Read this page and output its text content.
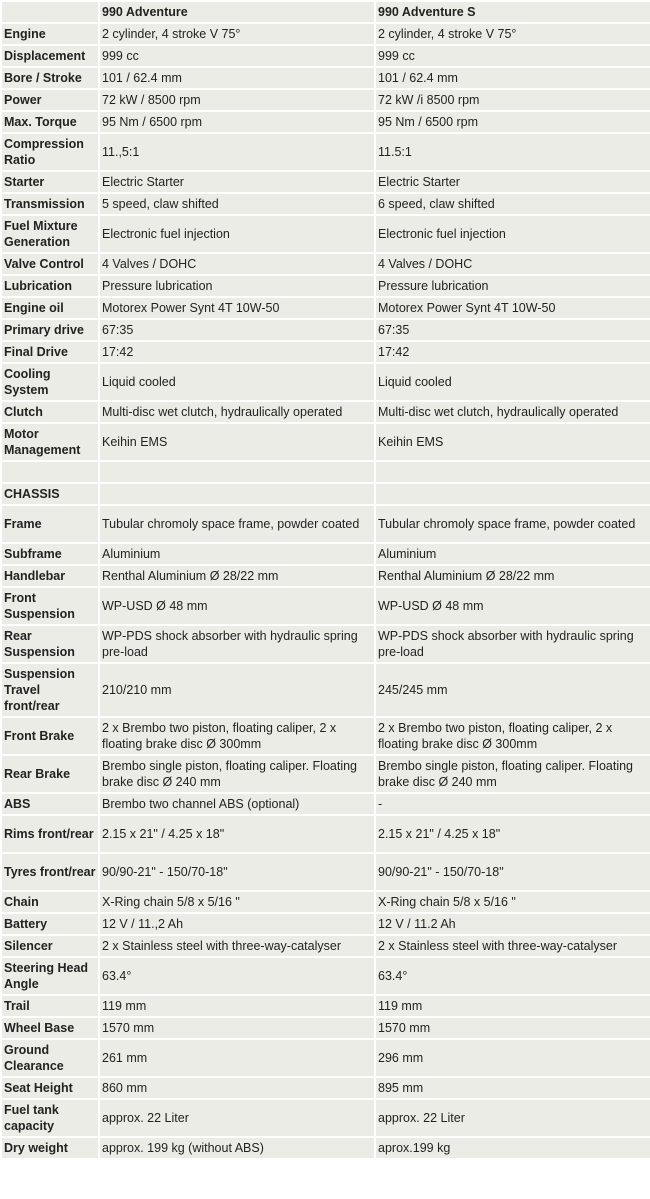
	990 Adventure	990 Adventure S
Engine	2 cylinder, 4 stroke V 75°	2 cylinder, 4 stroke V 75°
Displacement	999 cc	999 cc
Bore / Stroke	101 / 62.4 mm	101 / 62.4 mm
Power	72 kW / 8500 rpm	72 kW /i 8500 rpm
Max. Torque	95 Nm / 6500 rpm	95 Nm / 6500 rpm
Compression Ratio	11.,5:1	11.5:1
Starter	Electric Starter	Electric Starter
Transmission	5 speed, claw shifted	6 speed, claw shifted
Fuel Mixture Generation	Electronic fuel injection	Electronic fuel injection
Valve Control	4 Valves / DOHC	4 Valves / DOHC
Lubrication	Pressure lubrication	Pressure lubrication
Engine oil	Motorex Power Synt 4T 10W-50	Motorex Power Synt 4T 10W-50
Primary drive	67:35	67:35
Final Drive	17:42	17:42
Cooling System	Liquid cooled	Liquid cooled
Clutch	Multi-disc wet clutch, hydraulically operated	Multi-disc wet clutch, hydraulically operated
Motor Management	Keihin EMS	Keihin EMS

CHASSIS		
Frame	Tubular chromoly space frame, powder coated	Tubular chromoly space frame, powder coated
Subframe	Aluminium	Aluminium
Handlebar	Renthal Aluminium Ø 28/22 mm	Renthal Aluminium Ø 28/22 mm
Front Suspension	WP-USD Ø 48 mm	WP-USD Ø 48 mm
Rear Suspension	WP-PDS shock absorber with hydraulic spring pre-load	WP-PDS shock absorber with hydraulic spring pre-load
Suspension Travel front/rear	210/210 mm	245/245 mm
Front Brake	2 x Brembo two piston, floating caliper, 2 x floating brake disc Ø 300mm	2 x Brembo two piston, floating caliper, 2 x floating brake disc Ø 300mm
Rear Brake	Brembo single piston, floating caliper. Floating brake disc Ø 240 mm	Brembo single piston, floating caliper. Floating brake disc Ø 240 mm
ABS	Brembo two channel ABS (optional)	-
Rims front/rear	2.15 x 21" / 4.25 x 18"	2.15 x 21" / 4.25 x 18"
Tyres front/rear	90/90-21" - 150/70-18"	90/90-21" - 150/70-18"
Chain	X-Ring chain 5/8 x 5/16 "	X-Ring chain 5/8 x 5/16 "
Battery	12 V / 11.,2 Ah	12 V / 11.2 Ah
Silencer	2 x Stainless steel with three-way-catalyser	2 x Stainless steel with three-way-catalyser
Steering Head Angle	63.4°	63.4°
Trail	119 mm	119 mm
Wheel Base	1570 mm	1570 mm
Ground Clearance	261 mm	296 mm
Seat Height	860 mm	895 mm
Fuel tank capacity	approx. 22 Liter	approx. 22 Liter
Dry weight	approx. 199 kg (without ABS)	aprox.199 kg
